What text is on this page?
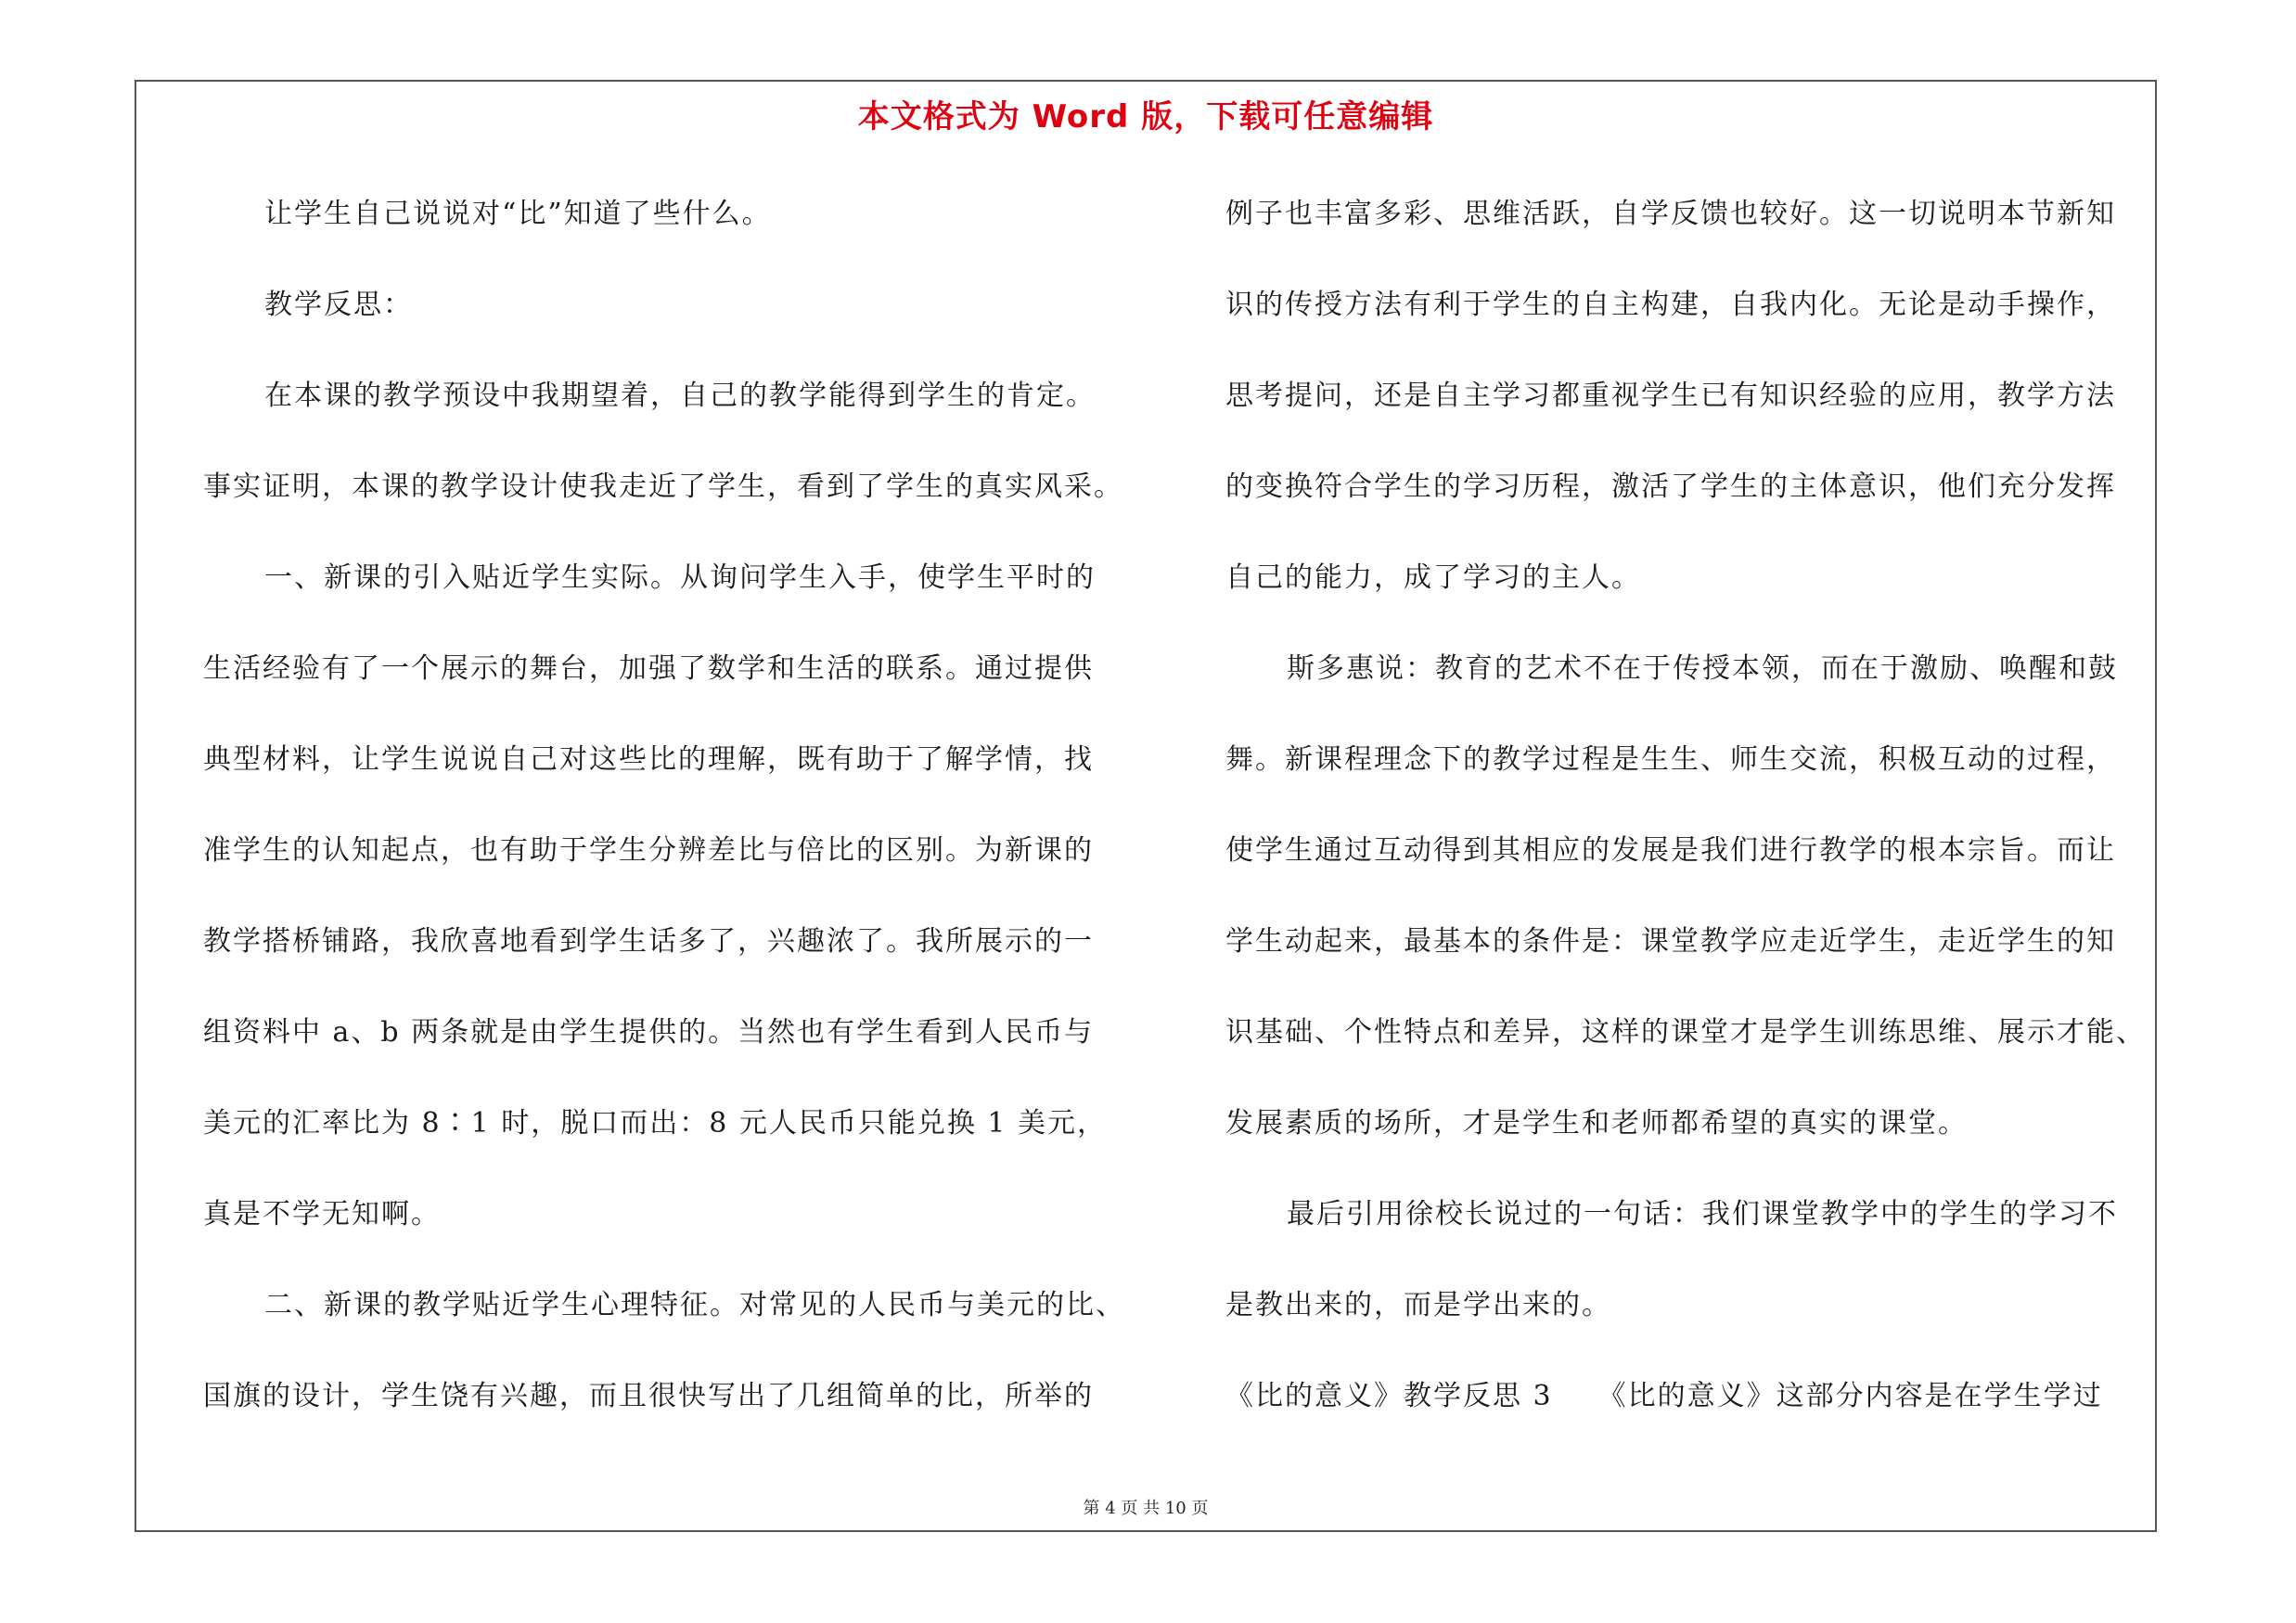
本文格式为 Word 版，下载可任意编辑
让学生自己说说对“比”知道了些什么。
教学反思：
在本课的教学预设中我期望着，自己的教学能得到学生的肯定。
事实证明，本课的教学设计使我走近了学生，看到了学生的真实风采。
一、新课的引入贴近学生实际。从询问学生入手，使学生平时的
生活经验有了一个展示的舞台，加强了数学和生活的联系。通过提供
典型材料，让学生说说自己对这些比的理解，既有助于了解学情，找
准学生的认知起点，也有助于学生分辨差比与倍比的区别。为新课的
教学搭桥铺路，我欣喜地看到学生话多了，兴趣浓了。我所展示的一
组资料中 a、b 两条就是由学生提供的。当然也有学生看到人民币与
美元的汇率比为 8∶1 时，脱口而出：8 元人民币只能兑换 1 美元，
真是不学无知啊。
二、新课的教学贴近学生心理特征。对常见的人民币与美元的比、
国旗的设计，学生饶有兴趣，而且很快写出了几组简单的比，所举的
例子也丰富多彩、思维活跃，自学反馈也较好。这一切说明本节新知
识的传授方法有利于学生的自主构建，自我内化。无论是动手操作，
思考提问，还是自主学习都重视学生已有知识经验的应用，教学方法
的变换符合学生的学习历程，激活了学生的主体意识，他们充分发挥
自己的能力，成了学习的主人。
斯多惠说：教育的艺术不在于传授本领，而在于激励、唤醒和鼓
舞。新课程理念下的教学过程是生生、师生交流，积极互动的过程，
使学生通过互动得到其相应的发展是我们进行教学的根本宗旨。而让
学生动起来，最基本的条件是：课堂教学应走近学生，走近学生的知
识基础、个性特点和差异，这样的课堂才是学生训练思维、展示才能、
发展素质的场所，才是学生和老师都希望的真实的课堂。
最后引用徐校长说过的一句话：我们课堂教学中的学生的学习不
是教出来的，而是学出来的。
《比的意义》教学反思 3　　《比的意义》这部分内容是在学生学过
第 4 页 共 10 页
